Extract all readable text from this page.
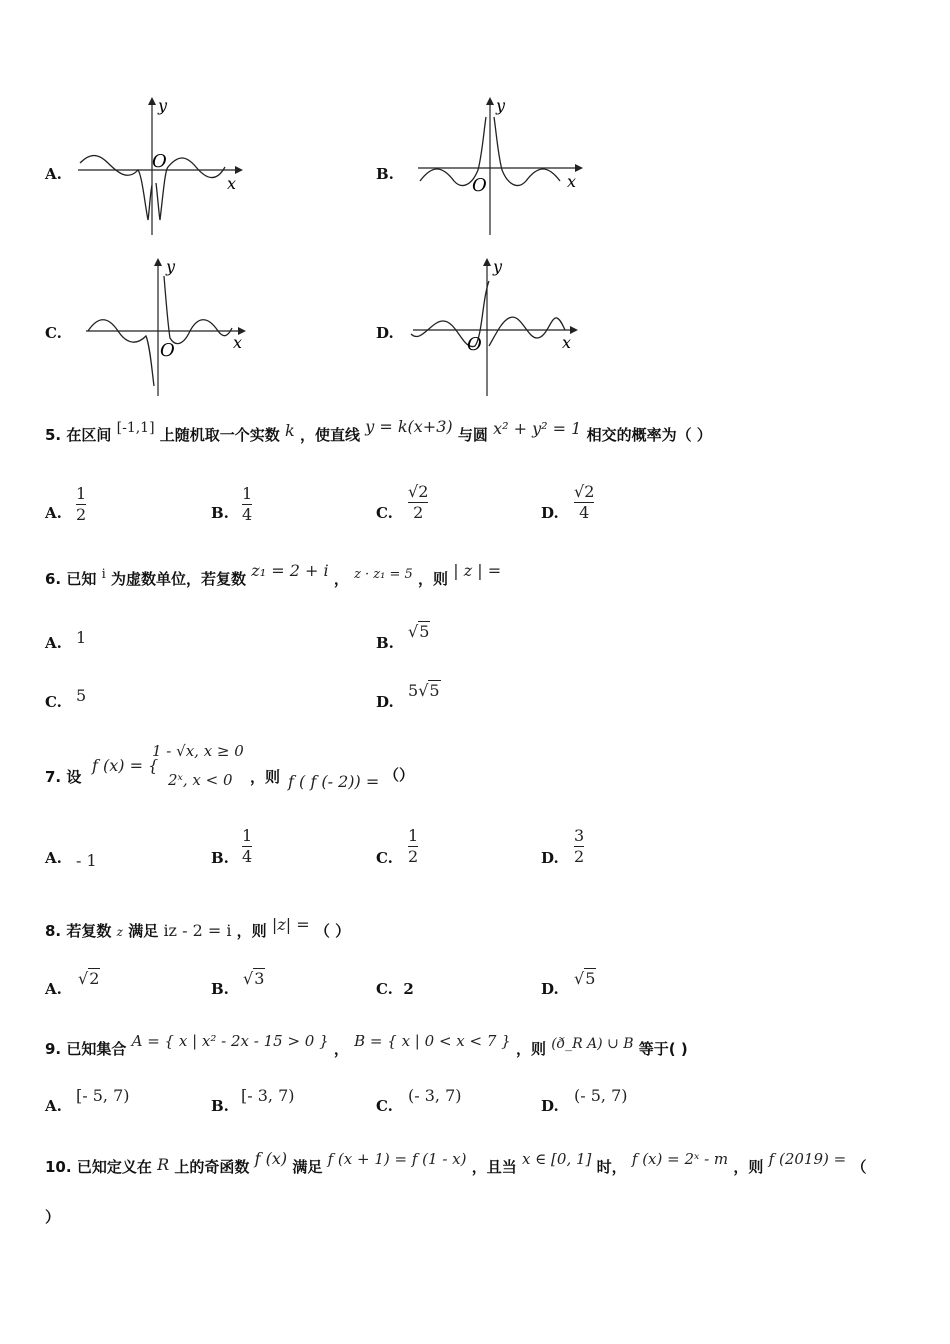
A.
y
O
x	B.
y
O	x
C.
y
O	x	D.
y
O	x
5. 在区间 [-1,1] 上随机取一个实数 k ，使直线 y = k(x+3) 与圆 x² + y² = 1 相交的概率为（ ）
A.
1
2	B.
1
4	C.
√2
2	D.
√2
4
6. 已知 i 为虚数单位，若复数 z₁ = 2 + i ， z · z₁ = 5 ，则 | z | =
A. 1	B.
√5
C. 5	D.
5√5
7. 设
f (x) = {
1 - √x, x ≥ 0
2ˣ, x < 0 ，则 f ( f (- 2)) = （）
A. - 1	B.
1
4	C.
1
2	D.
3
2
8. 若复数 z 满足 iz - 2 = i ，则 |z| = （ ）
A.
√2
B.
√3
C. 2	D.
√5
9. 已知集合 A = { x | x² - 2x - 15 > 0 } ， B = { x | 0 < x < 7 } ，则 (ð_R A) ∪ B 等于( )
A.
[- 5, 7)
B.
[- 3, 7)
C.
(- 3, 7)
D.
(- 5, 7)
10. 已知定义在 R 上的奇函数 f (x) 满足 f (x + 1) = f (1 - x) ，且当 x ∈ [0, 1] 时， f (x) = 2ˣ - m ，则 f (2019) = （
）
